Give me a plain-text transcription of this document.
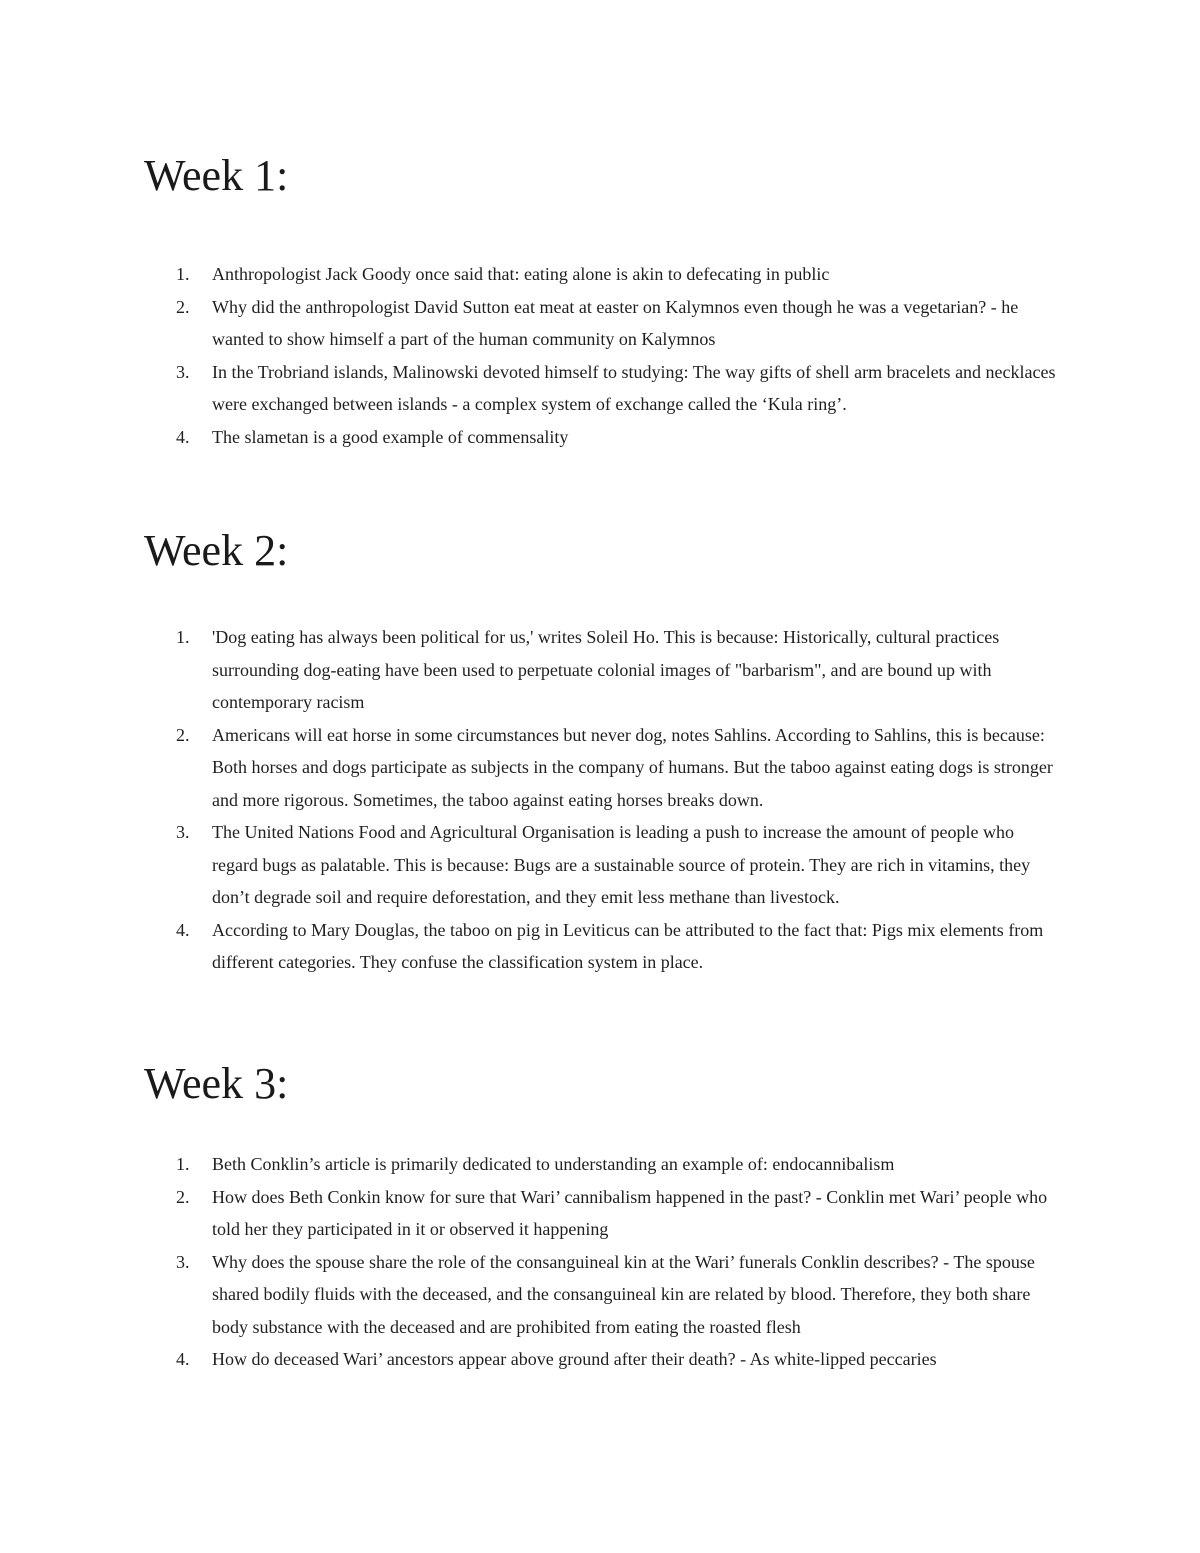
Week 1:
1. Anthropologist Jack Goody once said that: eating alone is akin to defecating in public
2. Why did the anthropologist David Sutton eat meat at easter on Kalymnos even though he was a vegetarian? - he wanted to show himself a part of the human community on Kalymnos
3. In the Trobriand islands, Malinowski devoted himself to studying: The way gifts of shell arm bracelets and necklaces were exchanged between islands - a complex system of exchange called the ‘Kula ring’.
4. The slametan is a good example of commensality
Week 2:
1. 'Dog eating has always been political for us,' writes Soleil Ho. This is because: Historically, cultural practices surrounding dog-eating have been used to perpetuate colonial images of "barbarism", and are bound up with contemporary racism
2. Americans will eat horse in some circumstances but never dog, notes Sahlins. According to Sahlins, this is because: Both horses and dogs participate as subjects in the company of humans. But the taboo against eating dogs is stronger and more rigorous. Sometimes, the taboo against eating horses breaks down.
3. The United Nations Food and Agricultural Organisation is leading a push to increase the amount of people who regard bugs as palatable. This is because: Bugs are a sustainable source of protein. They are rich in vitamins, they don’t degrade soil and require deforestation, and they emit less methane than livestock.
4. According to Mary Douglas, the taboo on pig in Leviticus can be attributed to the fact that: Pigs mix elements from different categories. They confuse the classification system in place.
Week 3:
1. Beth Conklin’s article is primarily dedicated to understanding an example of: endocannibalism
2. How does Beth Conkin know for sure that Wari’ cannibalism happened in the past? - Conklin met Wari’ people who told her they participated in it or observed it happening
3. Why does the spouse share the role of the consanguineal kin at the Wari’ funerals Conklin describes? - The spouse shared bodily fluids with the deceased, and the consanguineal kin are related by blood. Therefore, they both share body substance with the deceased and are prohibited from eating the roasted flesh
4. How do deceased Wari’ ancestors appear above ground after their death? - As white-lipped peccaries
